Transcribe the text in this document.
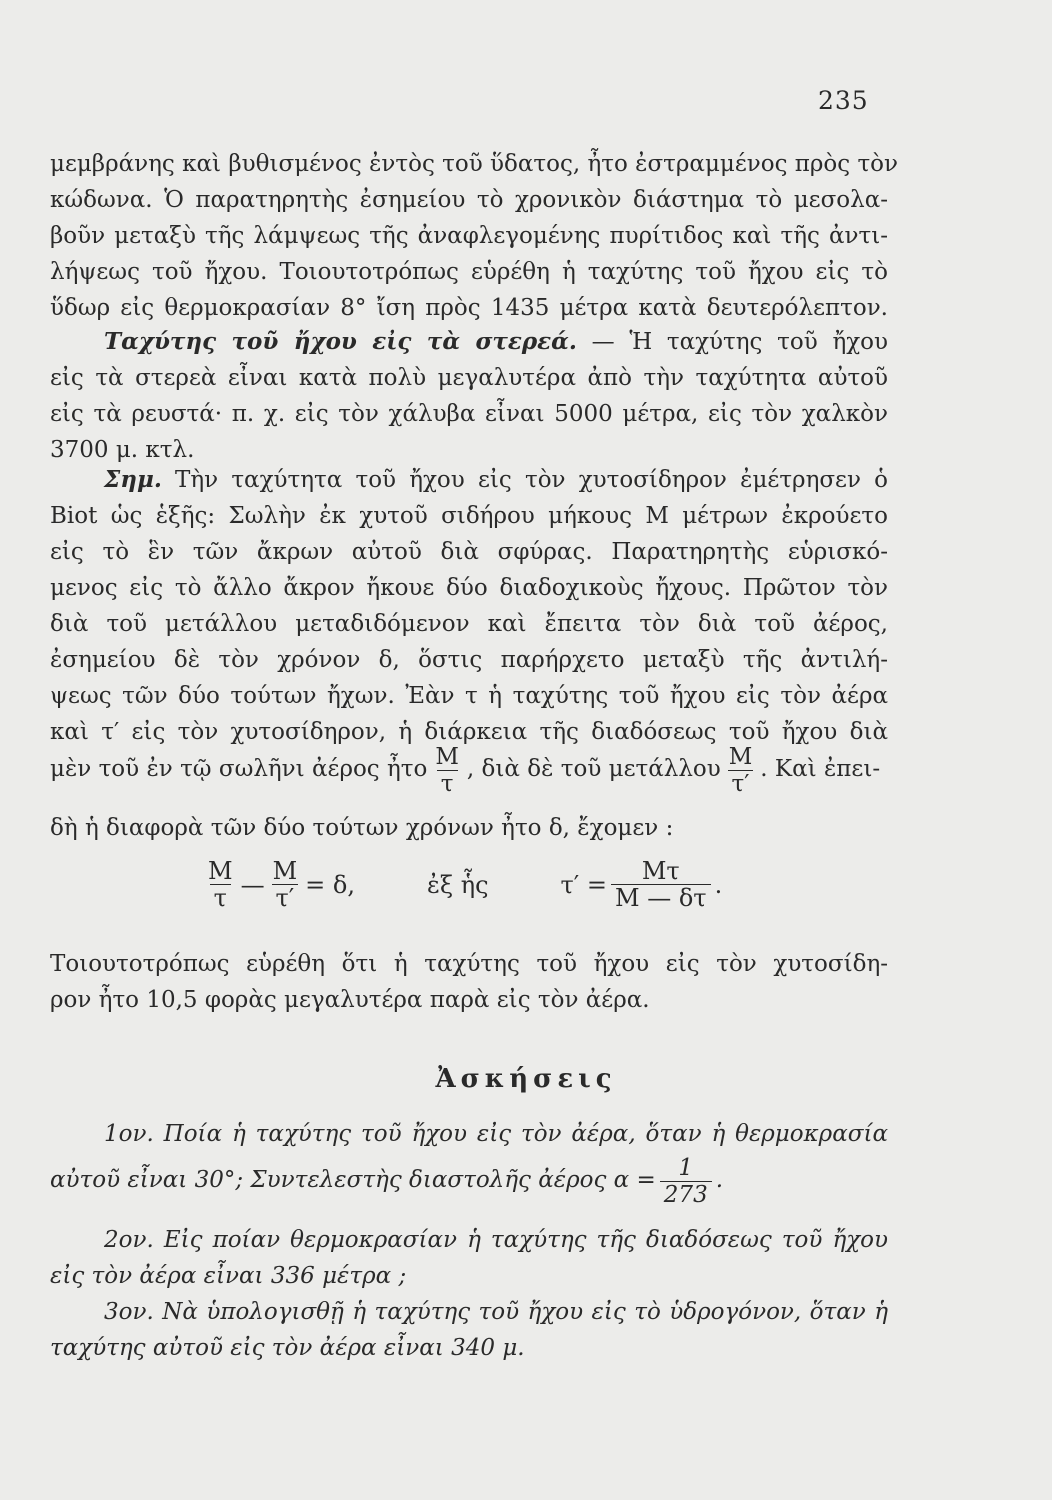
235
μεμβράνης καὶ βυθισμένος ἐντὸς τοῦ ὕδατος, ἦτο ἐστραμμένος πρὸς τὸν
κώδωνα. Ὁ παρατηρητὴς ἐσημείου τὸ χρονικὸν διάστημα τὸ μεσολα-
βοῦν μεταξὺ τῆς λάμψεως τῆς ἀναφλεγομένης πυρίτιδος καὶ τῆς ἀντι-
λήψεως τοῦ ἤχου. Τοιουτοτρόπως εὑρέθη ἡ ταχύτης τοῦ ἤχου εἰς τὸ
ὕδωρ εἰς θερμοκρασίαν 8° ἴση πρὸς 1435 μέτρα κατὰ δευτερόλεπτον.
Ταχύτης τοῦ ἤχου εἰς τὰ στερεά. — Ἡ ταχύτης τοῦ ἤχου
εἰς τὰ στερεὰ εἶναι κατὰ πολὺ μεγαλυτέρα ἀπὸ τὴν ταχύτητα αὐτοῦ
εἰς τὰ ρευστά· π. χ. εἰς τὸν χάλυβα εἶναι 5000 μέτρα, εἰς τὸν χαλκὸν
3700 μ. κτλ.
Σημ. Τὴν ταχύτητα τοῦ ἤχου εἰς τὸν χυτοσίδηρον ἐμέτρησεν ὁ
Biot ὡς ἑξῆς: Σωλὴν ἐκ χυτοῦ σιδήρου μήκους Μ μέτρων ἐκρούετο
εἰς τὸ ἓν τῶν ἄκρων αὐτοῦ διὰ σφύρας. Παρατηρητὴς εὑρισκό-
μενος εἰς τὸ ἄλλο ἄκρον ἤκουε δύο διαδοχικοὺς ἤχους. Πρῶτον τὸν
διὰ τοῦ μετάλλου μεταδιδόμενον καὶ ἔπειτα τὸν διὰ τοῦ ἀέρος,
ἐσημείου δὲ τὸν χρόνον δ, ὅστις παρήρχετο μεταξὺ τῆς ἀντιλή-
ψεως τῶν δύο τούτων ἤχων. Ἐὰν τ ἡ ταχύτης τοῦ ἤχου εἰς τὸν ἀέρα
καὶ τ′ εἰς τὸν χυτοσίδηρον, ἡ διάρκεια τῆς διαδόσεως τοῦ ἤχου διὰ
μὲν τοῦ ἐν τῷ σωλῆνι ἀέρος ἦτο $\frac{M}{\tau}$ , διὰ δὲ τοῦ μετάλλου $\frac{M}{\tau'}$ . Καὶ ἐπει-
δὴ ἡ διαφορὰ τῶν δύο τούτων χρόνων ἦτο δ, ἔχομεν :
$\frac{M}{\tau}$ — $\frac{M}{\tau'} = \delta$,	ἐξ ἧς	$\tau' = \frac{M\tau}{M — \delta\tau}$ .
Τοιουτοτρόπως εὑρέθη ὅτι ἡ ταχύτης τοῦ ἤχου εἰς τὸν χυτοσίδη-
ρον ἦτο 10,5 φορὰς μεγαλυτέρα παρὰ εἰς τὸν ἀέρα.
Ἀσκήσεις
1ον. Ποία ἡ ταχύτης τοῦ ἤχου εἰς τὸν ἀέρα, ὅταν ἡ θερμοκρασία
αὐτοῦ εἶναι 30°; Συντελεστὴς διαστολῆς ἀέρος $\alpha = \frac{1}{273}$ .
2ον. Εἰς ποίαν θερμοκρασίαν ἡ ταχύτης τῆς διαδόσεως τοῦ ἤχου
εἰς τὸν ἀέρα εἶναι 336 μέτρα ;
3ον. Νὰ ὑπολογισθῇ ἡ ταχύτης τοῦ ἤχου εἰς τὸ ὑδρογόνον, ὅταν ἡ
ταχύτης αὐτοῦ εἰς τὸν ἀέρα εἶναι 340 μ.
